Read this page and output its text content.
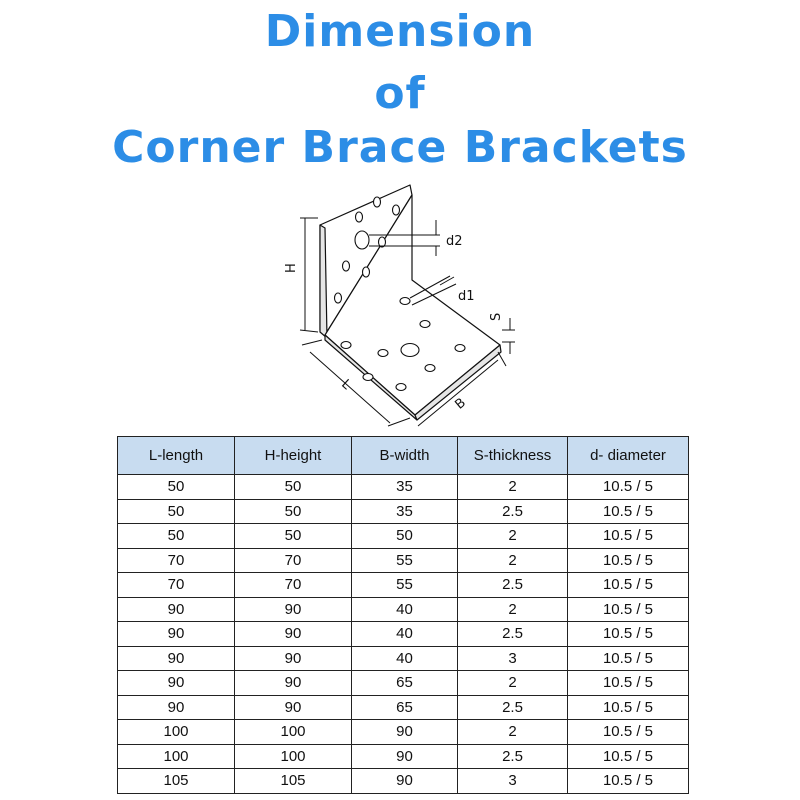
Dimension
of
Corner Brace Brackets
H
L
B
d2
d1
S
L-length	H-height	B-width	S-thickness	d- diameter
50	50	35	2	10.5 / 5
50	50	35	2.5	10.5 / 5
50	50	50	2	10.5 / 5
70	70	55	2	10.5 / 5
70	70	55	2.5	10.5 / 5
90	90	40	2	10.5 / 5
90	90	40	2.5	10.5 / 5
90	90	40	3	10.5 / 5
90	90	65	2	10.5 / 5
90	90	65	2.5	10.5 / 5
100	100	90	2	10.5 / 5
100	100	90	2.5	10.5 / 5
105	105	90	3	10.5 / 5
